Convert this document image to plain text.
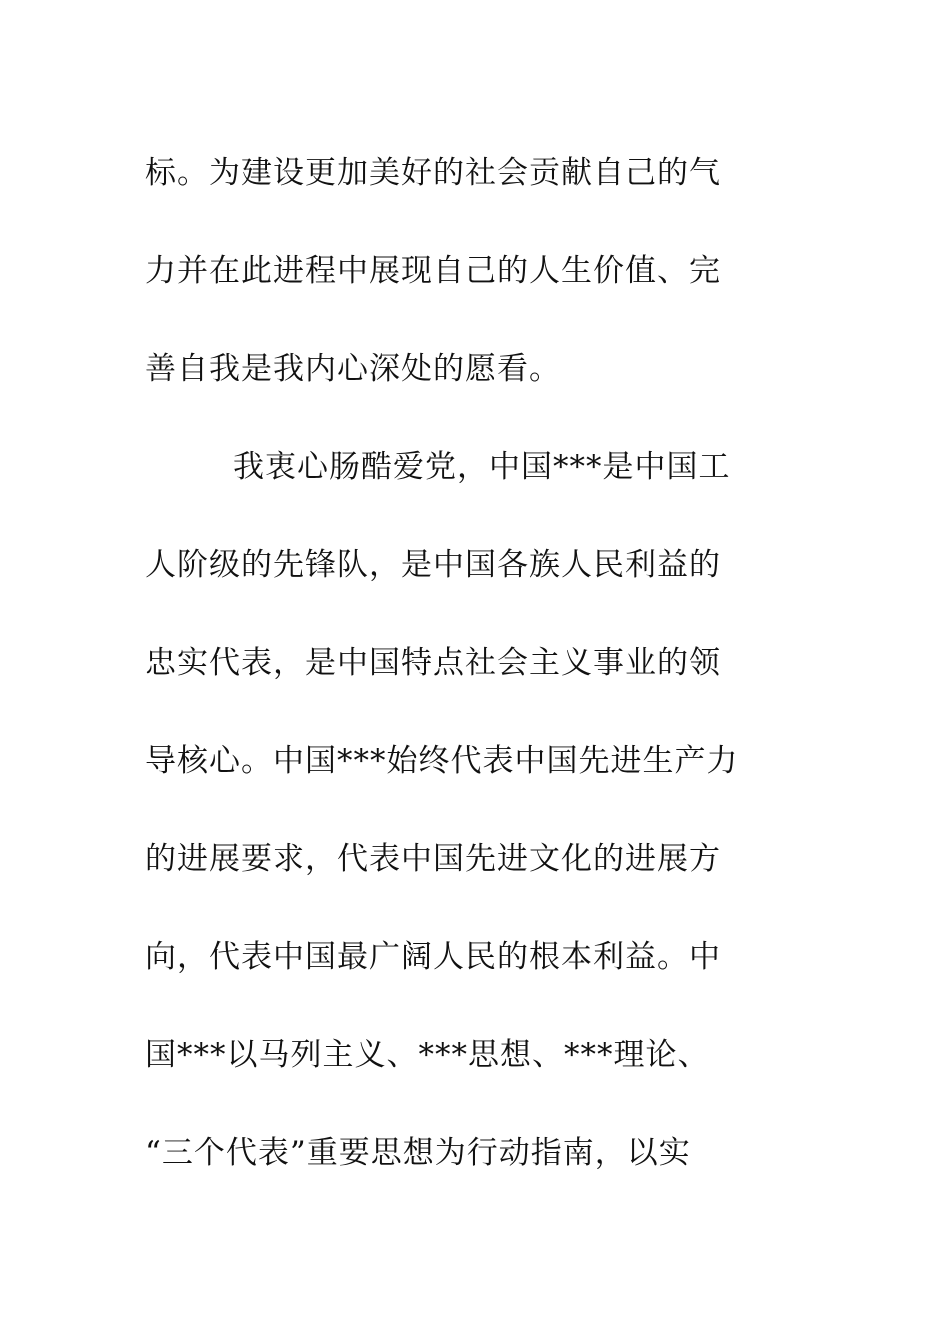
标。为建设更加美好的社会贡献自己的气
力并在此进程中展现自己的人生价值、完
善自我是我内心深处的愿看。
我衷心肠酷爱党，中国***是中国工
人阶级的先锋队，是中国各族人民利益的
忠实代表，是中国特点社会主义事业的领
导核心。中国***始终代表中国先进生产力
的进展要求，代表中国先进文化的进展方
向，代表中国最广阔人民的根本利益。中
国***以马列主义、***思想、***理论、
“三个代表”重要思想为行动指南，以实
